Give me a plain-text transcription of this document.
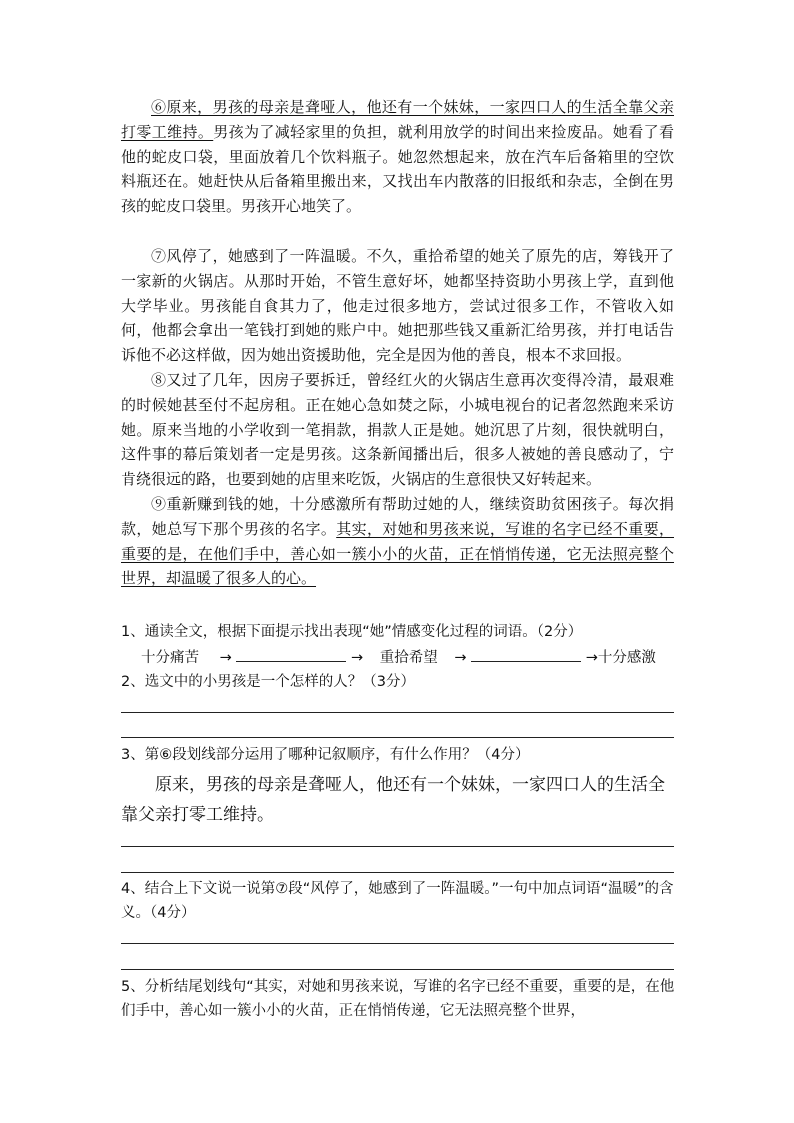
⑥原来，男孩的母亲是聋哑人，他还有一个妹妹，一家四口人的生活全靠父亲打零工维持。男孩为了减轻家里的负担，就利用放学的时间出来捡废品。她看了看他的蛇皮口袋，里面放着几个饮料瓶子。她忽然想起来，放在汽车后备箱里的空饮料瓶还在。她赶快从后备箱里搬出来，又找出车内散落的旧报纸和杂志，全倒在男孩的蛇皮口袋里。男孩开心地笑了。

⑦风停了，她感到了一阵温暖。不久，重拾希望的她关了原先的店，筹钱开了一家新的火锅店。从那时开始，不管生意好坏，她都坚持资助小男孩上学，直到他大学毕业。男孩能自食其力了，他走过很多地方，尝试过很多工作，不管收入如何，他都会拿出一笔钱打到她的账户中。她把那些钱又重新汇给男孩，并打电话告诉他不必这样做，因为她出资援助他，完全是因为他的善良，根本不求回报。

⑧又过了几年，因房子要拆迁，曾经红火的火锅店生意再次变得冷清，最艰难的时候她甚至付不起房租。正在她心急如焚之际，小城电视台的记者忽然跑来采访她。原来当地的小学收到一笔捐款，捐款人正是她。她沉思了片刻，很快就明白，这件事的幕后策划者一定是男孩。这条新闻播出后，很多人被她的善良感动了，宁肯绕很远的路，也要到她的店里来吃饭，火锅店的生意很快又好转起来。

⑨重新赚到钱的她，十分感激所有帮助过她的人，继续资助贫困孩子。每次捐款，她总写下那个男孩的名字。其实，对她和男孩来说，写谁的名字已经不重要，重要的是，在他们手中，善心如一簇小小的火苗，正在悄悄传递，它无法照亮整个世界，却温暖了很多人的心。

1、通读全文，根据下面提示找出表现“她”情感变化过程的词语。（2分）

十分痛苦 →	→ 重拾希望 →	→十分感激

2、选文中的小男孩是一个怎样的人？（3分）

3、第⑥段划线部分运用了哪种记叙顺序，有什么作用？（4分）

原来，男孩的母亲是聋哑人，他还有一个妹妹，一家四口人的生活全靠父亲打零工维持。

4、结合上下文说一说第⑦段“风停了，她感到了一阵温暖。”一句中加点词语“温暖”的含义。（4分）

5、分析结尾划线句“其实，对她和男孩来说，写谁的名字已经不重要，重要的是，在他们手中，善心如一簇小小的火苗，正在悄悄传递，它无法照亮整个世界，
